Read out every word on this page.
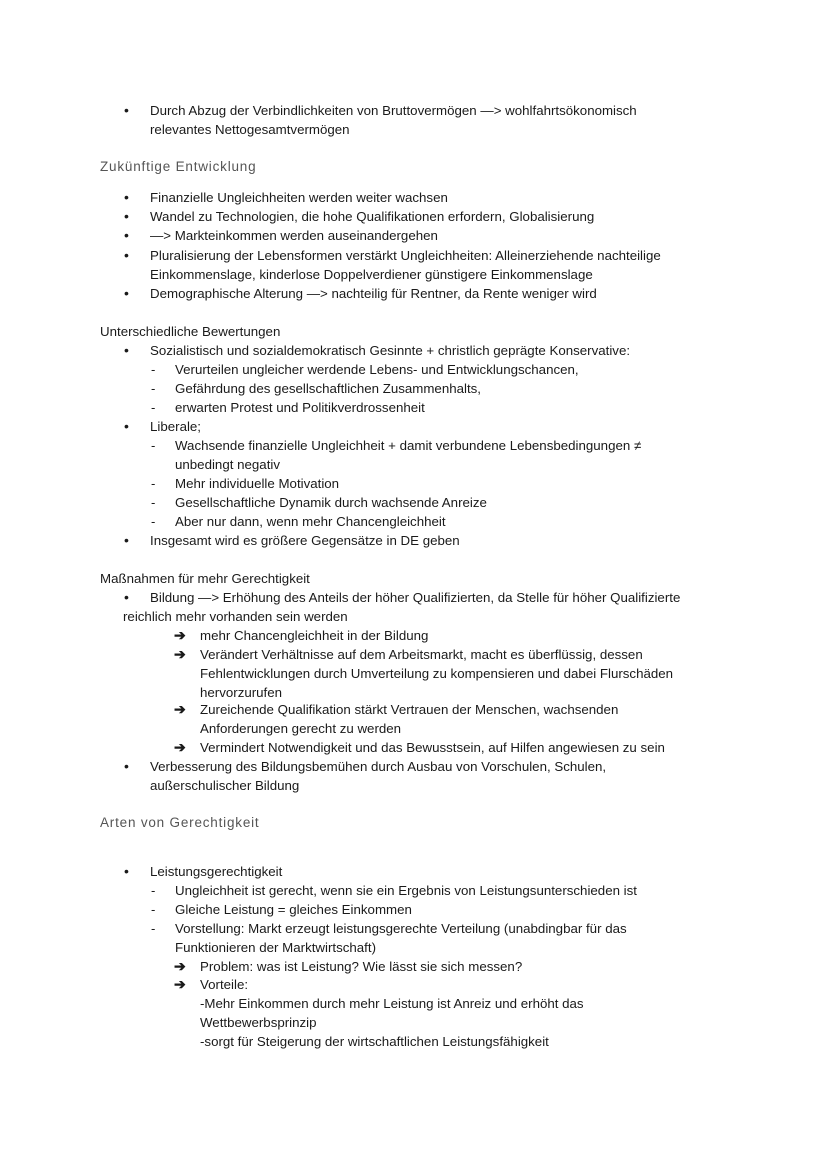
• Durch Abzug der Verbindlichkeiten von Bruttovermögen —> wohlfahrtsökonomisch
relevantes Nettogesamtvermögen
Zukünftige Entwicklung
• Finanzielle Ungleichheiten werden weiter wachsen
• Wandel zu Technologien, die hohe Qualifikationen erfordern, Globalisierung
• —> Markteinkommen werden auseinandergehen
• Pluralisierung der Lebensformen verstärkt Ungleichheiten: Alleinerziehende nachteilige
Einkommenslage, kinderlose Doppelverdiener günstigere Einkommenslage
• Demographische Alterung —> nachteilig für Rentner, da Rente weniger wird
Unterschiedliche Bewertungen
• Sozialistisch und sozialdemokratisch Gesinnte + christlich geprägte Konservative:
- Verurteilen ungleicher werdende Lebens- und Entwicklungschancen,
- Gefährdung des gesellschaftlichen Zusammenhalts,
- erwarten Protest und Politikverdrossenheit
• Liberale;
- Wachsende finanzielle Ungleichheit + damit verbundene Lebensbedingungen ≠
unbedingt negativ
- Mehr individuelle Motivation
- Gesellschaftliche Dynamik durch wachsende Anreize
- Aber nur dann, wenn mehr Chancengleichheit
• Insgesamt wird es größere Gegensätze in DE geben
Maßnahmen für mehr Gerechtigkeit
• Bildung —> Erhöhung des Anteils der höher Qualifizierten, da Stelle für höher Qualifizierte
reichlich mehr vorhanden sein werden
➔ mehr Chancengleichheit in der Bildung
➔ Verändert Verhältnisse auf dem Arbeitsmarkt, macht es überflüssig, dessen
Fehlentwicklungen durch Umverteilung zu kompensieren und dabei Flurschäden
hervorzurufen
➔ Zureichende Qualifikation stärkt Vertrauen der Menschen, wachsenden
Anforderungen gerecht zu werden
➔ Vermindert Notwendigkeit und das Bewusstsein, auf Hilfen angewiesen zu sein
• Verbesserung des Bildungsbemühen durch Ausbau von Vorschulen, Schulen,
außerschulischer Bildung
Arten von Gerechtigkeit
• Leistungsgerechtigkeit
- Ungleichheit ist gerecht, wenn sie ein Ergebnis von Leistungsunterschieden ist
- Gleiche Leistung = gleiches Einkommen
- Vorstellung: Markt erzeugt leistungsgerechte Verteilung (unabdingbar für das
Funktionieren der Marktwirtschaft)
➔ Problem: was ist Leistung? Wie lässt sie sich messen?
➔ Vorteile:
-Mehr Einkommen durch mehr Leistung ist Anreiz und erhöht das
Wettbewerbsprinzip
-sorgt für Steigerung der wirtschaftlichen Leistungsfähigkeit
